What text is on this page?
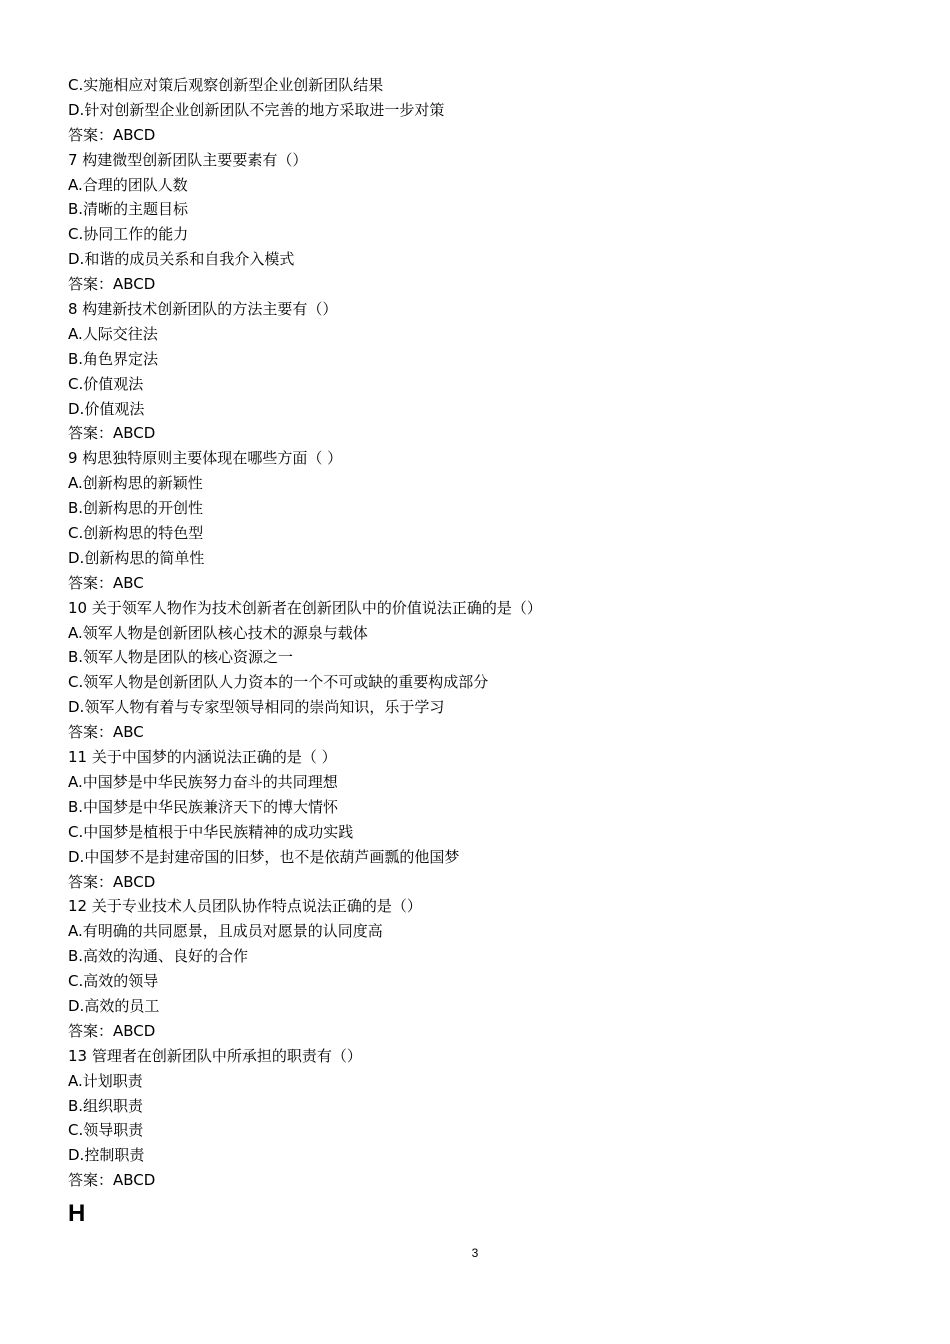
C.实施相应对策后观察创新型企业创新团队结果
D.针对创新型企业创新团队不完善的地方采取进一步对策
答案：ABCD
7 构建微型创新团队主要要素有（）
A.合理的团队人数
B.清晰的主题目标
C.协同工作的能力
D.和谐的成员关系和自我介入模式
答案：ABCD
8 构建新技术创新团队的方法主要有（）
A.人际交往法
B.角色界定法
C.价值观法
D.价值观法
答案：ABCD
9 构思独特原则主要体现在哪些方面（ ）
A.创新构思的新颖性
B.创新构思的开创性
C.创新构思的特色型
D.创新构思的简单性
答案：ABC
10 关于领军人物作为技术创新者在创新团队中的价值说法正确的是（）
A.领军人物是创新团队核心技术的源泉与载体
B.领军人物是团队的核心资源之一
C.领军人物是创新团队人力资本的一个不可或缺的重要构成部分
D.领军人物有着与专家型领导相同的崇尚知识，乐于学习
答案：ABC
11 关于中国梦的内涵说法正确的是（ ）
A.中国梦是中华民族努力奋斗的共同理想
B.中国梦是中华民族兼济天下的博大情怀
C.中国梦是植根于中华民族精神的成功实践
D.中国梦不是封建帝国的旧梦，也不是依葫芦画瓢的他国梦
答案：ABCD
12 关于专业技术人员团队协作特点说法正确的是（）
A.有明确的共同愿景，且成员对愿景的认同度高
B.高效的沟通、良好的合作
C.高效的领导
D.高效的员工
答案：ABCD
13 管理者在创新团队中所承担的职责有（）
A.计划职责
B.组织职责
C.领导职责
D.控制职责
答案：ABCD
H
3
